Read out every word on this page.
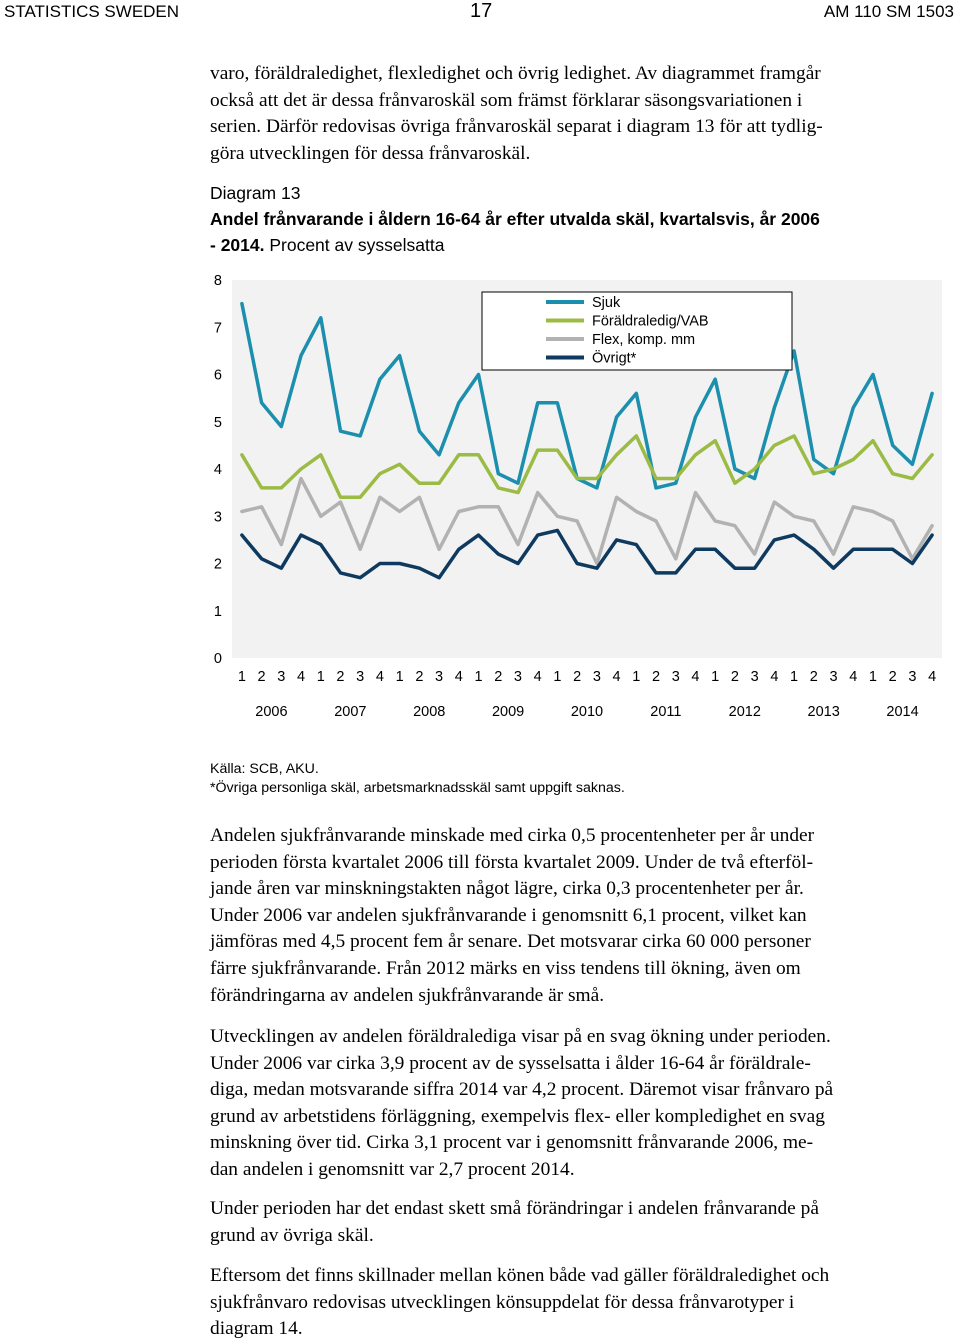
STATISTICS SWEDEN	17	AM 110 SM 1503
varo, föräldraledighet, flexledighet och övrig ledighet. Av diagrammet framgår
också att det är dessa frånvaroskäl som främst förklarar säsongsvariationen i
serien. Därför redovisas övriga frånvaroskäl separat i diagram 13 för att tydlig-
göra utvecklingen för dessa frånvaroskäl.
Diagram 13
Andel frånvarande i åldern 16-64 år efter utvalda skäl, kvartalsvis, år 2006
- 2014. Procent av sysselsatta
0
1
2
3
4
5
6
7
8
1 2 3 4
2006
1 2 3 4
2007
1 2 3 4
2008
1 2 3 4
2009
1 2 3 4
2010
1 2 3 4
2011
1 2 3 4
2012
1 2 3 4
2013
1 2 3 4
2014
Sjuk
Föräldraledig/VAB
Flex, komp. mm
Övrigt*
Källa: SCB, AKU.
*Övriga personliga skäl, arbetsmarknadsskäl samt uppgift saknas.
Andelen sjukfrånvarande minskade med cirka 0,5 procentenheter per år under
perioden första kvartalet 2006 till första kvartalet 2009. Under de två efterföl-
jande åren var minskningstakten något lägre, cirka 0,3 procentenheter per år.
Under 2006 var andelen sjukfrånvarande i genomsnitt 6,1 procent, vilket kan
jämföras med 4,5 procent fem år senare. Det motsvarar cirka 60 000 personer
färre sjukfrånvarande. Från 2012 märks en viss tendens till ökning, även om
förändringarna av andelen sjukfrånvarande är små.
Utvecklingen av andelen föräldralediga visar på en svag ökning under perioden.
Under 2006 var cirka 3,9 procent av de sysselsatta i ålder 16-64 år föräldrale-
diga, medan motsvarande siffra 2014 var 4,2 procent. Däremot visar frånvaro på
grund av arbetstidens förläggning, exempelvis flex- eller kompledighet en svag
minskning över tid. Cirka 3,1 procent var i genomsnitt frånvarande 2006, me-
dan andelen i genomsnitt var 2,7 procent 2014.
Under perioden har det endast skett små förändringar i andelen frånvarande på
grund av övriga skäl.
Eftersom det finns skillnader mellan könen både vad gäller föräldraledighet och
sjukfrånvaro redovisas utvecklingen könsuppdelat för dessa frånvarotyper i
diagram 14.
